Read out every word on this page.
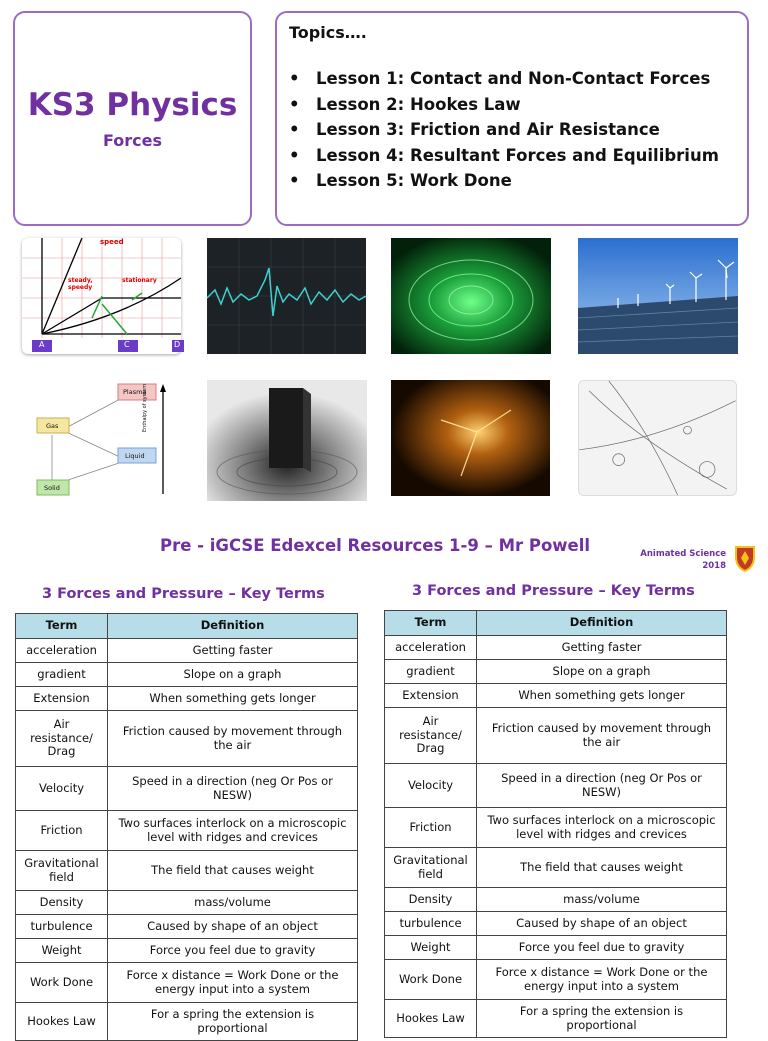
KS3 Physics
Forces
Topics….
• Lesson 1: Contact and Non-Contact Forces
• Lesson 2: Hookes Law
• Lesson 3: Friction and Air Resistance
• Lesson 4: Resultant Forces and Equilibrium
• Lesson 5: Work Done
speed
steady, speedy
stationary
A	C	D
Plasma
Gas
Liquid
Solid
Enthalpy of system
Pre - iGCSE Edexcel Resources 1-9 – Mr Powell	Animated Science
2018
3 Forces and Pressure – Key Terms	3 Forces and Pressure – Key Terms
Term	Definition
acceleration	Getting faster
gradient	Slope on a graph
Extension	When something gets longer
Air resistance/ Drag	Friction caused by movement through the air
Velocity	Speed in a direction (neg Or Pos or NESW)
Friction	Two surfaces interlock on a microscopic level with ridges and crevices
Gravitational field	The field that causes weight
Density	mass/volume
turbulence	Caused by shape of an object
Weight	Force you feel due to gravity
Work Done	Force x distance = Work Done or the energy input into a system
Hookes Law	For a spring the extension is proportional
Term	Definition
acceleration	Getting faster
gradient	Slope on a graph
Extension	When something gets longer
Air resistance/ Drag	Friction caused by movement through the air
Velocity	Speed in a direction (neg Or Pos or NESW)
Friction	Two surfaces interlock on a microscopic level with ridges and crevices
Gravitational field	The field that causes weight
Density	mass/volume
turbulence	Caused by shape of an object
Weight	Force you feel due to gravity
Work Done	Force x distance = Work Done or the energy input into a system
Hookes Law	For a spring the extension is proportional
